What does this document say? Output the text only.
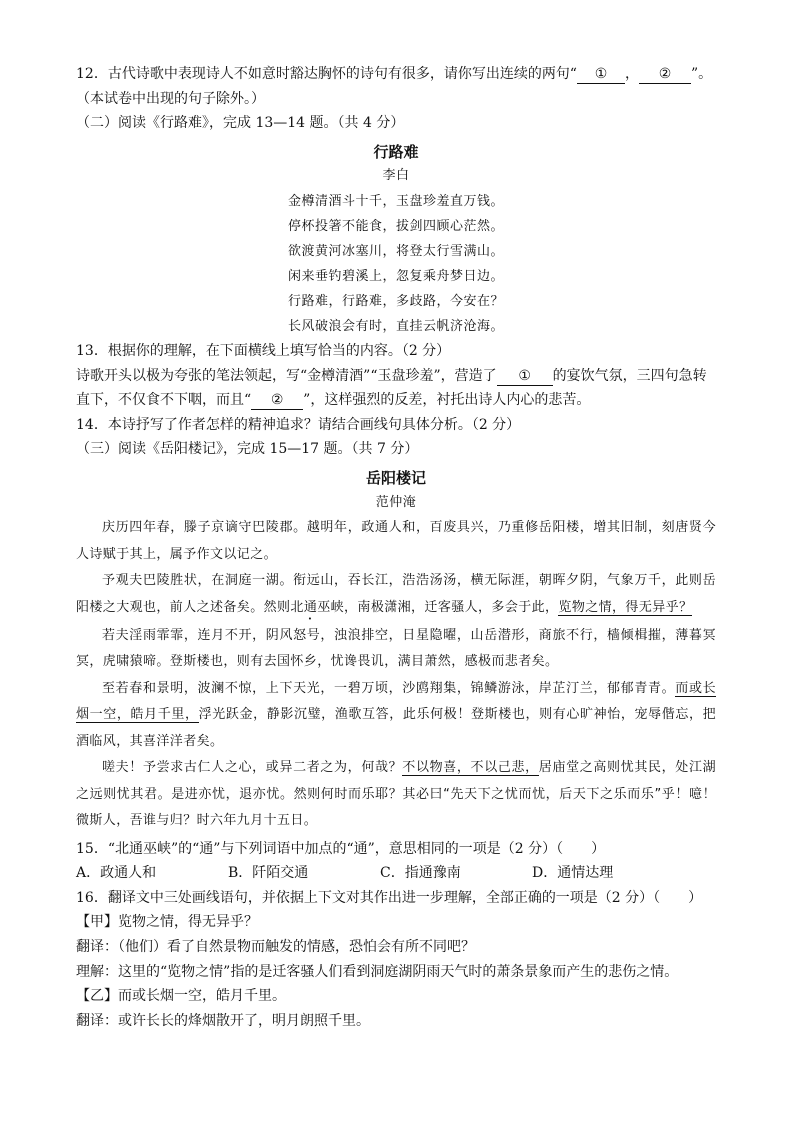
12．古代诗歌中表现诗人不如意时豁达胸怀的诗句有很多，请你写出连续的两句“ ① ， ② ”。
（本试卷中出现的句子除外。）
（二）阅读《行路难》，完成 13—14 题。（共 4 分）
行路难
李白
金樽清酒斗十千，玉盘珍羞直万钱。
停杯投箸不能食，拔剑四顾心茫然。
欲渡黄河冰塞川，将登太行雪满山。
闲来垂钓碧溪上，忽复乘舟梦日边。
行路难，行路难，多歧路，今安在？
长风破浪会有时，直挂云帆济沧海。
13．根据你的理解，在下面横线上填写恰当的内容。（2 分）
诗歌开头以极为夸张的笔法领起，写“金樽清酒”“玉盘珍羞”，营造了 ① 的宴饮气氛，三四句急转
直下，不仅食不下咽，而且“ ② ”，这样强烈的反差，衬托出诗人内心的悲苦。
14．本诗抒写了作者怎样的精神追求？请结合画线句具体分析。（2 分）
（三）阅读《岳阳楼记》，完成 15—17 题。（共 7 分）
岳阳楼记
范仲淹
庆历四年春，滕子京谪守巴陵郡。越明年，政通人和，百废具兴，乃重修岳阳楼，增其旧制，刻唐贤今人诗赋于其上，属予作文以记之。
予观夫巴陵胜状，在洞庭一湖。衔远山，吞长江，浩浩汤汤，横无际涯，朝晖夕阴，气象万千，此则岳阳楼之大观也，前人之述备矣。然则北通巫峡，南极潇湘，迁客骚人，多会于此，览物之情，得无异乎？
若夫淫雨霏霏，连月不开，阴风怒号，浊浪排空，日星隐曜，山岳潜形，商旅不行，樯倾楫摧，薄暮冥冥，虎啸猿啼。登斯楼也，则有去国怀乡，忧谗畏讥，满目萧然，感极而悲者矣。
至若春和景明，波澜不惊，上下天光，一碧万顷，沙鸥翔集，锦鳞游泳，岸芷汀兰，郁郁青青。而或长烟一空，皓月千里，浮光跃金，静影沉璧，渔歌互答，此乐何极！登斯楼也，则有心旷神怡，宠辱偕忘，把酒临风，其喜洋洋者矣。
嗟夫！予尝求古仁人之心，或异二者之为，何哉？不以物喜，不以己悲，居庙堂之高则忧其民，处江湖之远则忧其君。是进亦忧，退亦忧。然则何时而乐耶？其必曰“先天下之忧而忧，后天下之乐而乐”乎！噫！微斯人，吾谁与归？时六年九月十五日。
15．“北通巫峡”的“通”与下列词语中加点的“通”，意思相同的一项是（2 分）（　　）
A．政通人和	B．阡陌交通	C．指通豫南	D．通情达理
16．翻译文中三处画线语句，并依据上下文对其作出进一步理解，全部正确的一项是（2 分）（　　）
【甲】览物之情，得无异乎？
翻译：（他们）看了自然景物而触发的情感，恐怕会有所不同吧？
理解：这里的“览物之情”指的是迁客骚人们看到洞庭湖阴雨天气时的萧条景象而产生的悲伤之情。
【乙】而或长烟一空，皓月千里。
翻译：或许长长的烽烟散开了，明月朗照千里。
